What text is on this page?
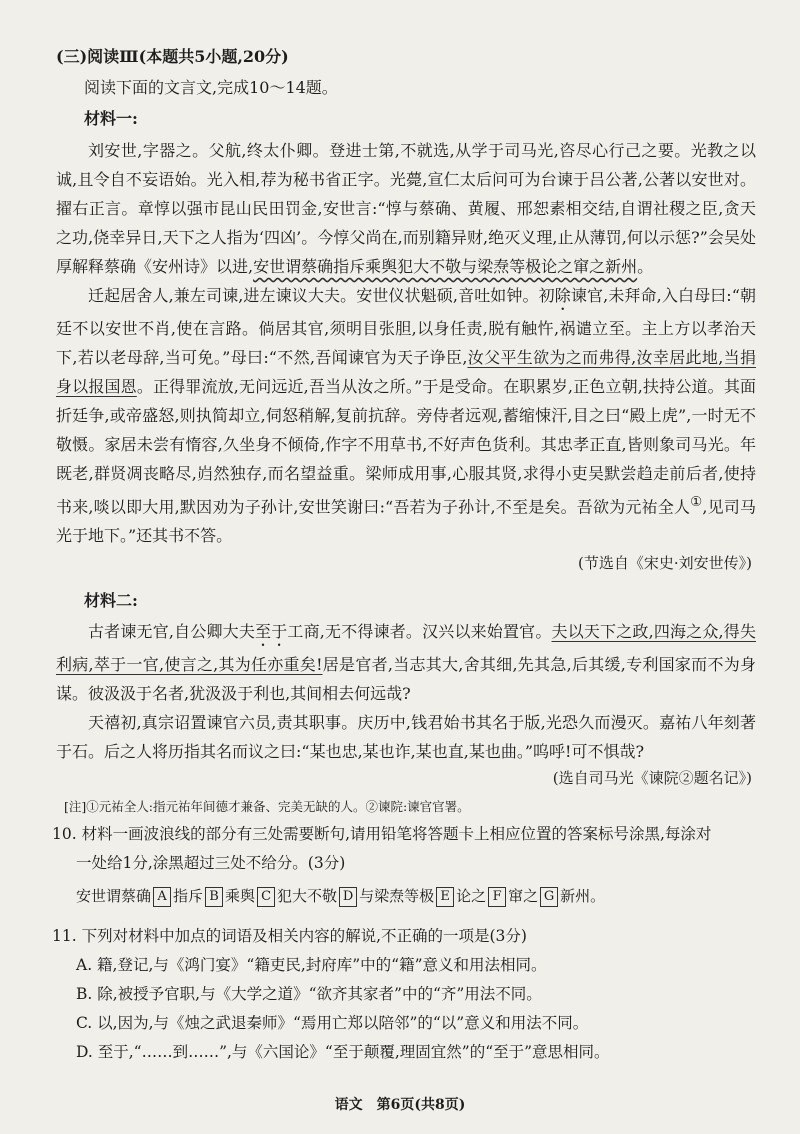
(三)阅读Ⅲ(本题共5小题,20分)
阅读下面的文言文,完成10～14题。
材料一:

刘安世,字器之。父航,终太仆卿。登进士第,不就选,从学于司马光,咨尽心行己之要。光教之以诚,且令自不妄语始。光入相,荐为秘书省正字。光薨,宣仁太后问可为台谏于吕公著,公著以安世对。擢右正言。章惇以强市昆山民田罚金,安世言:“惇与蔡确、黄履、邢恕素相交结,自谓社稷之臣,贪天之功,侥幸异日,天下之人指为‘四凶’。今惇父尚在,而别籍异财,绝灭义理,止从薄罚,何以示惩?”会吴处厚解释蔡确《安州诗》以进,安世谓蔡确指斥乘舆犯大不敬与梁焘等极论之窜之新州。

迁起居舍人,兼左司谏,进左谏议大夫。安世仪状魁硕,音吐如钟。初除谏官,未拜命,入白母曰:“朝廷不以安世不肖,使在言路。倘居其官,须明目张胆,以身任责,脱有触忤,祸谴立至。主上方以孝治天下,若以老母辞,当可免。”母曰:“不然,吾闻谏官为天子诤臣,汝父平生欲为之而弗得,汝幸居此地,当捐身以报国恩。正得罪流放,无问远近,吾当从汝之所。”于是受命。在职累岁,正色立朝,扶持公道。其面折廷争,或帝盛怒,则执简却立,伺怒稍解,复前抗辞。旁侍者远观,蓄缩悚汗,目之曰“殿上虎”,一时无不敬慑。家居未尝有惰容,久坐身不倾倚,作字不用草书,不好声色货利。其忠孝正直,皆则象司马光。年既老,群贤凋丧略尽,岿然独存,而名望益重。梁师成用事,心服其贤,求得小吏吴默尝趋走前后者,使持书来,啖以即大用,默因劝为子孙计,安世笑谢曰:“吾若为子孙计,不至是矣。吾欲为元祐全人①,见司马光于地下。”还其书不答。

(节选自《宋史·刘安世传》)
材料二:

古者谏无官,自公卿大夫至于工商,无不得谏者。汉兴以来始置官。夫以天下之政,四海之众,得失利病,萃于一官,使言之,其为任亦重矣!居是官者,当志其大,舍其细,先其急,后其缓,专利国家而不为身谋。彼汲汲于名者,犹汲汲于利也,其间相去何远哉?

天禧初,真宗诏置谏官六员,责其职事。庆历中,钱君始书其名于版,光恐久而漫灭。嘉祐八年刻著于石。后之人将历指其名而议之曰:“某也忠,某也诈,某也直,某也曲。”呜呼!可不惧哉?

(选自司马光《谏院②题名记》)
[注]①元祐全人:指元祐年间德才兼备、完美无缺的人。②谏院:谏官官署。
10. 材料一画波浪线的部分有三处需要断句,请用铅笔将答题卡上相应位置的答案标号涂黑,每涂对
一处给1分,涂黑超过三处不给分。(3分)
安世谓蔡确 A 指斥 B 乘舆 C 犯大不敬 D 与梁焘等极 E 论之 F 窜之 G 新州。
11. 下列对材料中加点的词语及相关内容的解说,不正确的一项是(3分)
A. 籍,登记,与《鸿门宴》“籍吏民,封府库”中的“籍”意义和用法相同。
B. 除,被授予官职,与《大学之道》“欲齐其家者”中的“齐”用法不同。
C. 以,因为,与《烛之武退秦师》“焉用亡郑以陪邻”的“以”意义和用法不同。
D. 至于,“……到……”,与《六国论》“至于颠覆,理固宜然”的“至于”意思相同。
语文　第6页(共8页)
